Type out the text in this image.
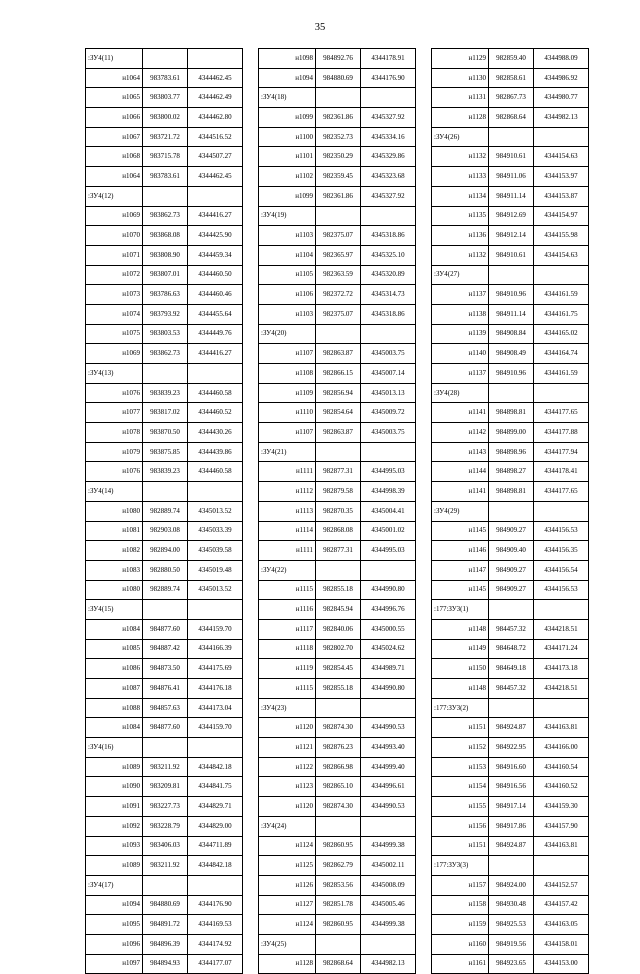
35
:ЗУ4(11)		
н1064	983783.61	4344462.45
н1065	983803.77	4344462.49
н1066	983800.02	4344462.80
н1067	983721.72	4344516.52
н1068	983715.78	4344507.27
н1064	983783.61	4344462.45
:ЗУ4(12)		
н1069	983862.73	4344416.27
н1070	983868.08	4344425.90
н1071	983808.90	4344459.34
н1072	983807.01	4344460.50
н1073	983786.63	4344460.46
н1074	983793.92	4344455.64
н1075	983803.53	4344449.76
н1069	983862.73	4344416.27
:ЗУ4(13)		
н1076	983839.23	4344460.58
н1077	983817.02	4344460.52
н1078	983870.50	4344430.26
н1079	983875.85	4344439.86
н1076	983839.23	4344460.58
:ЗУ4(14)		
н1080	982889.74	4345013.52
н1081	982903.08	4345033.39
н1082	982894.00	4345039.58
н1083	982880.50	4345019.48
н1080	982889.74	4345013.52
:ЗУ4(15)		
н1084	984877.60	4344159.70
н1085	984887.42	4344166.39
н1086	984873.50	4344175.69
н1087	984876.41	4344176.18
н1088	984857.63	4344173.04
н1084	984877.60	4344159.70
:ЗУ4(16)		
н1089	983211.92	4344842.18
н1090	983209.81	4344841.75
н1091	983227.73	4344829.71
н1092	983228.79	4344829.00
н1093	983406.03	4344711.89
н1089	983211.92	4344842.18
:ЗУ4(17)		
н1094	984880.69	4344176.90
н1095	984891.72	4344169.53
н1096	984896.39	4344174.92
н1097	984894.93	4344177.07
н1098	984892.76	4344178.91
н1094	984880.69	4344176.90
:ЗУ4(18)		
н1099	982361.86	4345327.92
н1100	982352.73	4345334.16
н1101	982350.29	4345329.86
н1102	982359.45	4345323.68
н1099	982361.86	4345327.92
:ЗУ4(19)		
н1103	982375.07	4345318.86
н1104	982365.97	4345325.10
н1105	982363.59	4345320.89
н1106	982372.72	4345314.73
н1103	982375.07	4345318.86
:ЗУ4(20)		
н1107	982863.87	4345003.75
н1108	982866.15	4345007.14
н1109	982856.94	4345013.13
н1110	982854.64	4345009.72
н1107	982863.87	4345003.75
:ЗУ4(21)		
н1111	982877.31	4344995.03
н1112	982879.58	4344998.39
н1113	982870.35	4345004.41
н1114	982868.08	4345001.02
н1111	982877.31	4344995.03
:ЗУ4(22)		
н1115	982855.18	4344990.80
н1116	982845.94	4344996.76
н1117	982840.06	4345000.55
н1118	982802.70	4345024.62
н1119	982854.45	4344989.71
н1115	982855.18	4344990.80
:ЗУ4(23)		
н1120	982874.30	4344990.53
н1121	982876.23	4344993.40
н1122	982866.98	4344999.40
н1123	982865.10	4344996.61
н1120	982874.30	4344990.53
:ЗУ4(24)		
н1124	982860.95	4344999.38
н1125	982862.79	4345002.11
н1126	982853.56	4345008.09
н1127	982851.78	4345005.46
н1124	982860.95	4344999.38
:ЗУ4(25)		
н1128	982868.64	4344982.13
н1129	982859.40	4344988.09
н1130	982858.61	4344986.92
н1131	982867.73	4344980.77
н1128	982868.64	4344982.13
:ЗУ4(26)		
н1132	984910.61	4344154.63
н1133	984911.06	4344153.97
н1134	984911.14	4344153.87
н1135	984912.69	4344154.97
н1136	984912.14	4344155.98
н1132	984910.61	4344154.63
:ЗУ4(27)		
н1137	984910.96	4344161.59
н1138	984911.14	4344161.75
н1139	984908.84	4344165.02
н1140	984908.49	4344164.74
н1137	984910.96	4344161.59
:ЗУ4(28)		
н1141	984898.81	4344177.65
н1142	984899.00	4344177.88
н1143	984898.96	4344177.94
н1144	984898.27	4344178.41
н1141	984898.81	4344177.65
:ЗУ4(29)		
н1145	984909.27	4344156.53
н1146	984909.40	4344156.35
н1147	984909.27	4344156.54
н1145	984909.27	4344156.53
:177:ЗУ3(1)		
н1148	984457.32	4344218.51
н1149	984648.72	4344171.24
н1150	984649.18	4344173.18
н1148	984457.32	4344218.51
:177:ЗУ3(2)		
н1151	984924.87	4344163.81
н1152	984922.95	4344166.00
н1153	984916.60	4344160.54
н1154	984916.56	4344160.52
н1155	984917.14	4344159.30
н1156	984917.86	4344157.90
н1151	984924.87	4344163.81
:177:ЗУ3(3)		
н1157	984924.00	4344152.57
н1158	984930.48	4344157.42
н1159	984925.53	4344163.05
н1160	984919.56	4344158.01
н1161	984923.65	4344153.00
